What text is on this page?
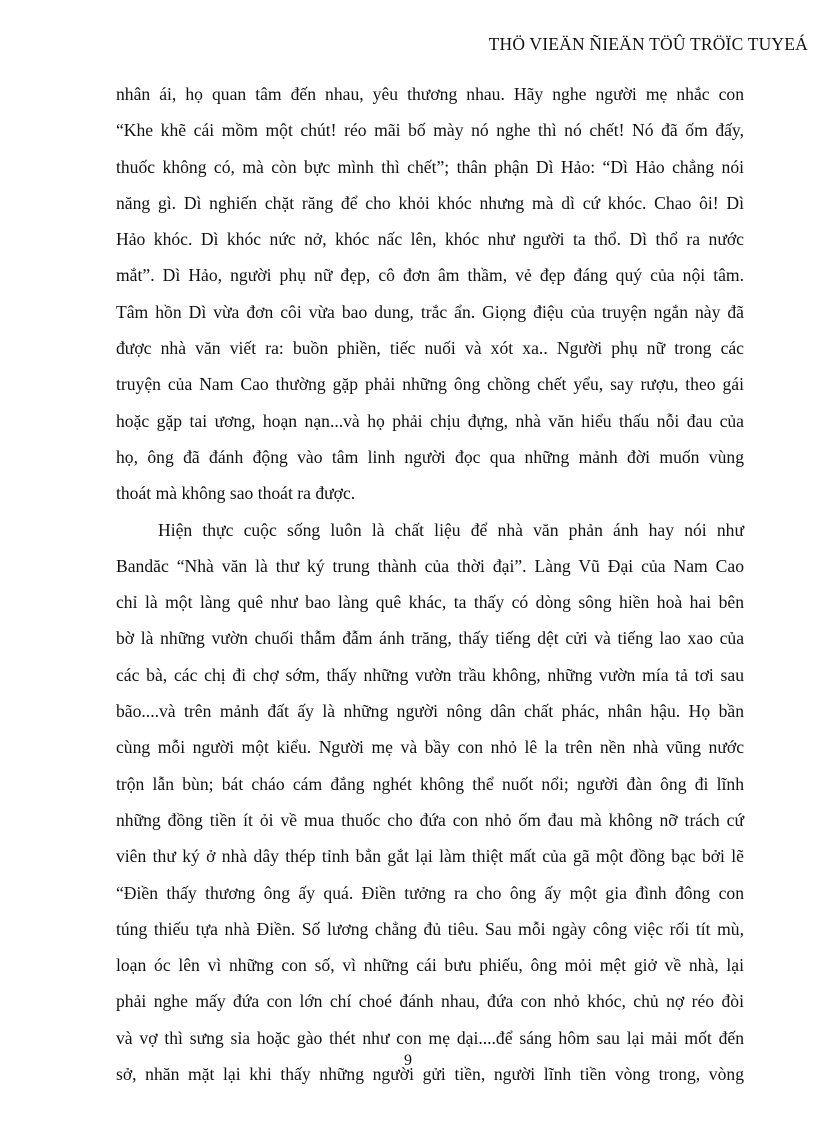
THÖ VIEÄN ÑIEÄN TÖÛ TRÖÏC TUYEÁ
nhân ái, họ quan tâm đến nhau, yêu thương nhau. Hãy nghe người mẹ nhắc con
“Khe khẽ cái mồm một chút! réo mãi bố mày nó nghe thì nó chết! Nó đã ốm đấy,
thuốc không có, mà còn bực mình thì chết”; thân phận Dì Hảo: “Dì Hảo chẳng nói
năng gì. Dì nghiến chặt răng để cho khỏi khóc nhưng mà dì cứ khóc. Chao ôi! Dì
Hảo khóc. Dì khóc nức nở, khóc nấc lên, khóc như người ta thổ. Dì thổ ra nước
mắt”. Dì Hảo, người phụ nữ đẹp, cô đơn âm thầm, vẻ đẹp đáng quý của nội tâm.
Tâm hồn Dì vừa đơn côi vừa bao dung, trắc ẩn. Giọng điệu của truyện ngắn này đã
được nhà văn viết ra: buồn phiền, tiếc nuối và xót xa.. Người phụ nữ trong các
truyện của Nam Cao thường gặp phải những ông chồng chết yểu, say rượu, theo gái
hoặc gặp tai ương, hoạn nạn...và họ phải chịu đựng, nhà văn hiểu thấu nỗi đau của
họ, ông đã đánh động vào tâm linh người đọc qua những mảnh đời muốn vùng
thoát mà không sao thoát ra được.
Hiện thực cuộc sống luôn là chất liệu để nhà văn phản ánh hay nói như
Bandăc “Nhà văn là thư ký trung thành của thời đại”. Làng Vũ Đại của Nam Cao
chỉ là một làng quê như bao làng quê khác, ta thấy có dòng sông hiền hoà hai bên
bờ là những vườn chuối thẫm đẫm ánh trăng, thấy tiếng dệt cửi và tiếng lao xao của
các bà, các chị đi chợ sớm, thấy những vườn trầu không, những vườn mía tả tơi sau
bão....và trên mảnh đất ấy là những người nông dân chất phác, nhân hậu. Họ bần
cùng mỗi người một kiểu. Người mẹ và bầy con nhỏ lê la trên nền nhà vũng nước
trộn lẫn bùn; bát cháo cám đắng nghét không thể nuốt nổi; người đàn ông đi lĩnh
những đồng tiền ít ỏi về mua thuốc cho đứa con nhỏ ốm đau mà không nỡ trách cứ
viên thư ký ở nhà dây thép tỉnh bẳn gắt lại làm thiệt mất của gã một đồng bạc bởi lẽ
“Điền thấy thương ông ấy quá. Điền tưởng ra cho ông ấy một gia đình đông con
túng thiếu tựa nhà Điền. Số lương chẳng đủ tiêu. Sau mỗi ngày công việc rối tít mù,
loạn óc lên vì những con số, vì những cái bưu phiếu, ông mỏi mệt giở về nhà, lại
phải nghe mấy đứa con lớn chí choé đánh nhau, đứa con nhỏ khóc, chủ nợ réo đòi
và vợ thì sưng sỉa hoặc gào thét như con mẹ dại....để sáng hôm sau lại mải mốt đến
sở, nhăn mặt lại khi thấy những người gửi tiền, người lĩnh tiền vòng trong, vòng
9
